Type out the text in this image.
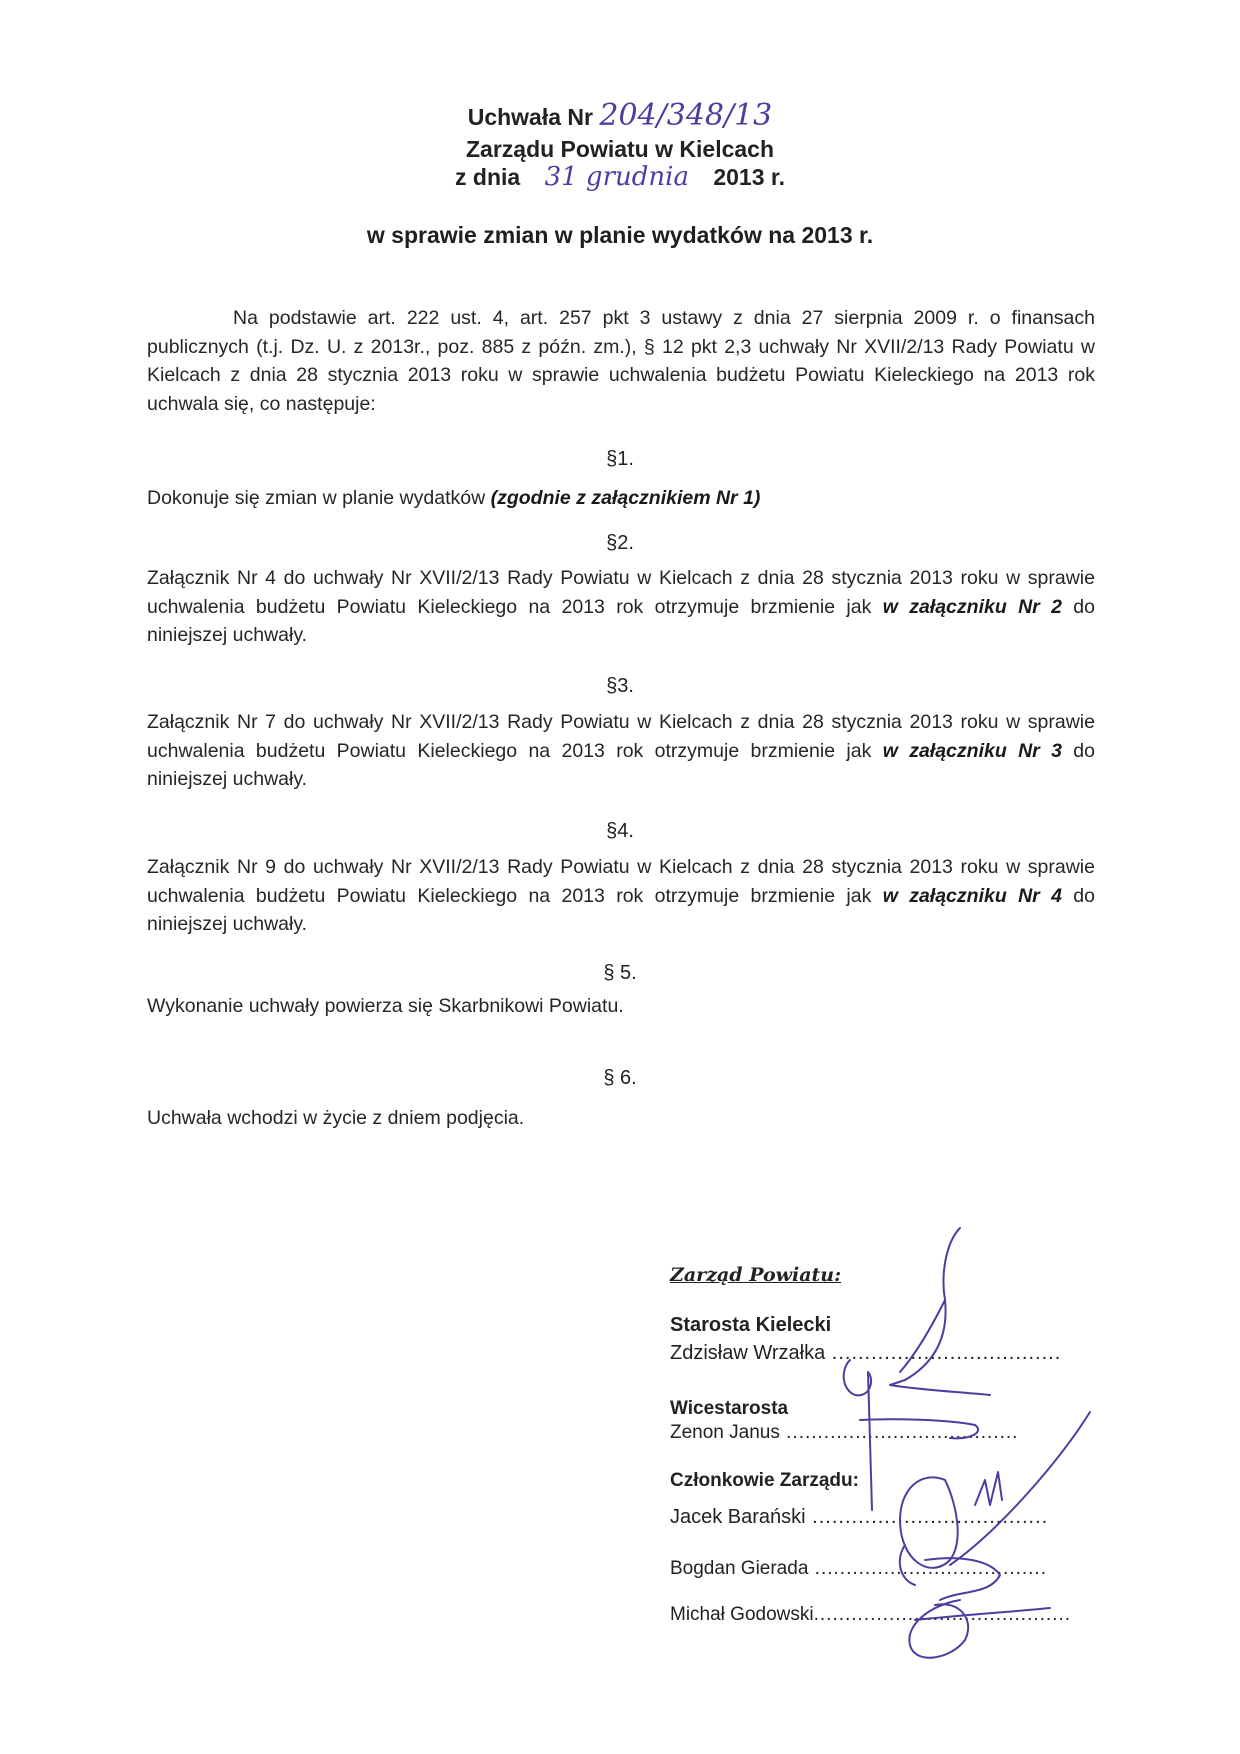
Uchwała Nr 204/348/13
Zarządu Powiatu w Kielcach
z dnia 31 grudnia 2013 r.
w sprawie zmian w planie wydatków na 2013 r.
Na podstawie art. 222 ust. 4, art. 257 pkt 3 ustawy z dnia 27 sierpnia 2009 r. o finansach publicznych (t.j. Dz. U. z 2013r., poz. 885 z późn. zm.), § 12 pkt 2,3 uchwały Nr XVII/2/13 Rady Powiatu w Kielcach z dnia 28 stycznia 2013 roku w sprawie uchwalenia budżetu Powiatu Kieleckiego na 2013 rok uchwala się, co następuje:
§1.
Dokonuje się zmian w planie wydatków (zgodnie z załącznikiem Nr 1)
§2.
Załącznik Nr 4 do uchwały Nr XVII/2/13 Rady Powiatu w Kielcach z dnia 28 stycznia 2013 roku w sprawie uchwalenia budżetu Powiatu Kieleckiego na 2013 rok otrzymuje brzmienie jak w załączniku Nr 2 do niniejszej uchwały.
§3.
Załącznik Nr 7 do uchwały Nr XVII/2/13 Rady Powiatu w Kielcach z dnia 28 stycznia 2013 roku w sprawie uchwalenia budżetu Powiatu Kieleckiego na 2013 rok otrzymuje brzmienie jak w załączniku Nr 3 do niniejszej uchwały.
§4.
Załącznik Nr 9 do uchwały Nr XVII/2/13 Rady Powiatu w Kielcach z dnia 28 stycznia 2013 roku w sprawie uchwalenia budżetu Powiatu Kieleckiego na 2013 rok otrzymuje brzmienie jak w załączniku Nr 4 do niniejszej uchwały.
§ 5.
Wykonanie uchwały powierza się Skarbnikowi Powiatu.
§ 6.
Uchwała wchodzi w życie z dniem podjęcia.
Zarząd Powiatu:
Starosta Kielecki
Zdzisław Wrzałka ...................................
Wicestarosta
Zenon Janus .....................................
Członkowie Zarządu:
Jacek Barański ....................................
Bogdan Gierada .....................................
Michał Godowski.........................................
